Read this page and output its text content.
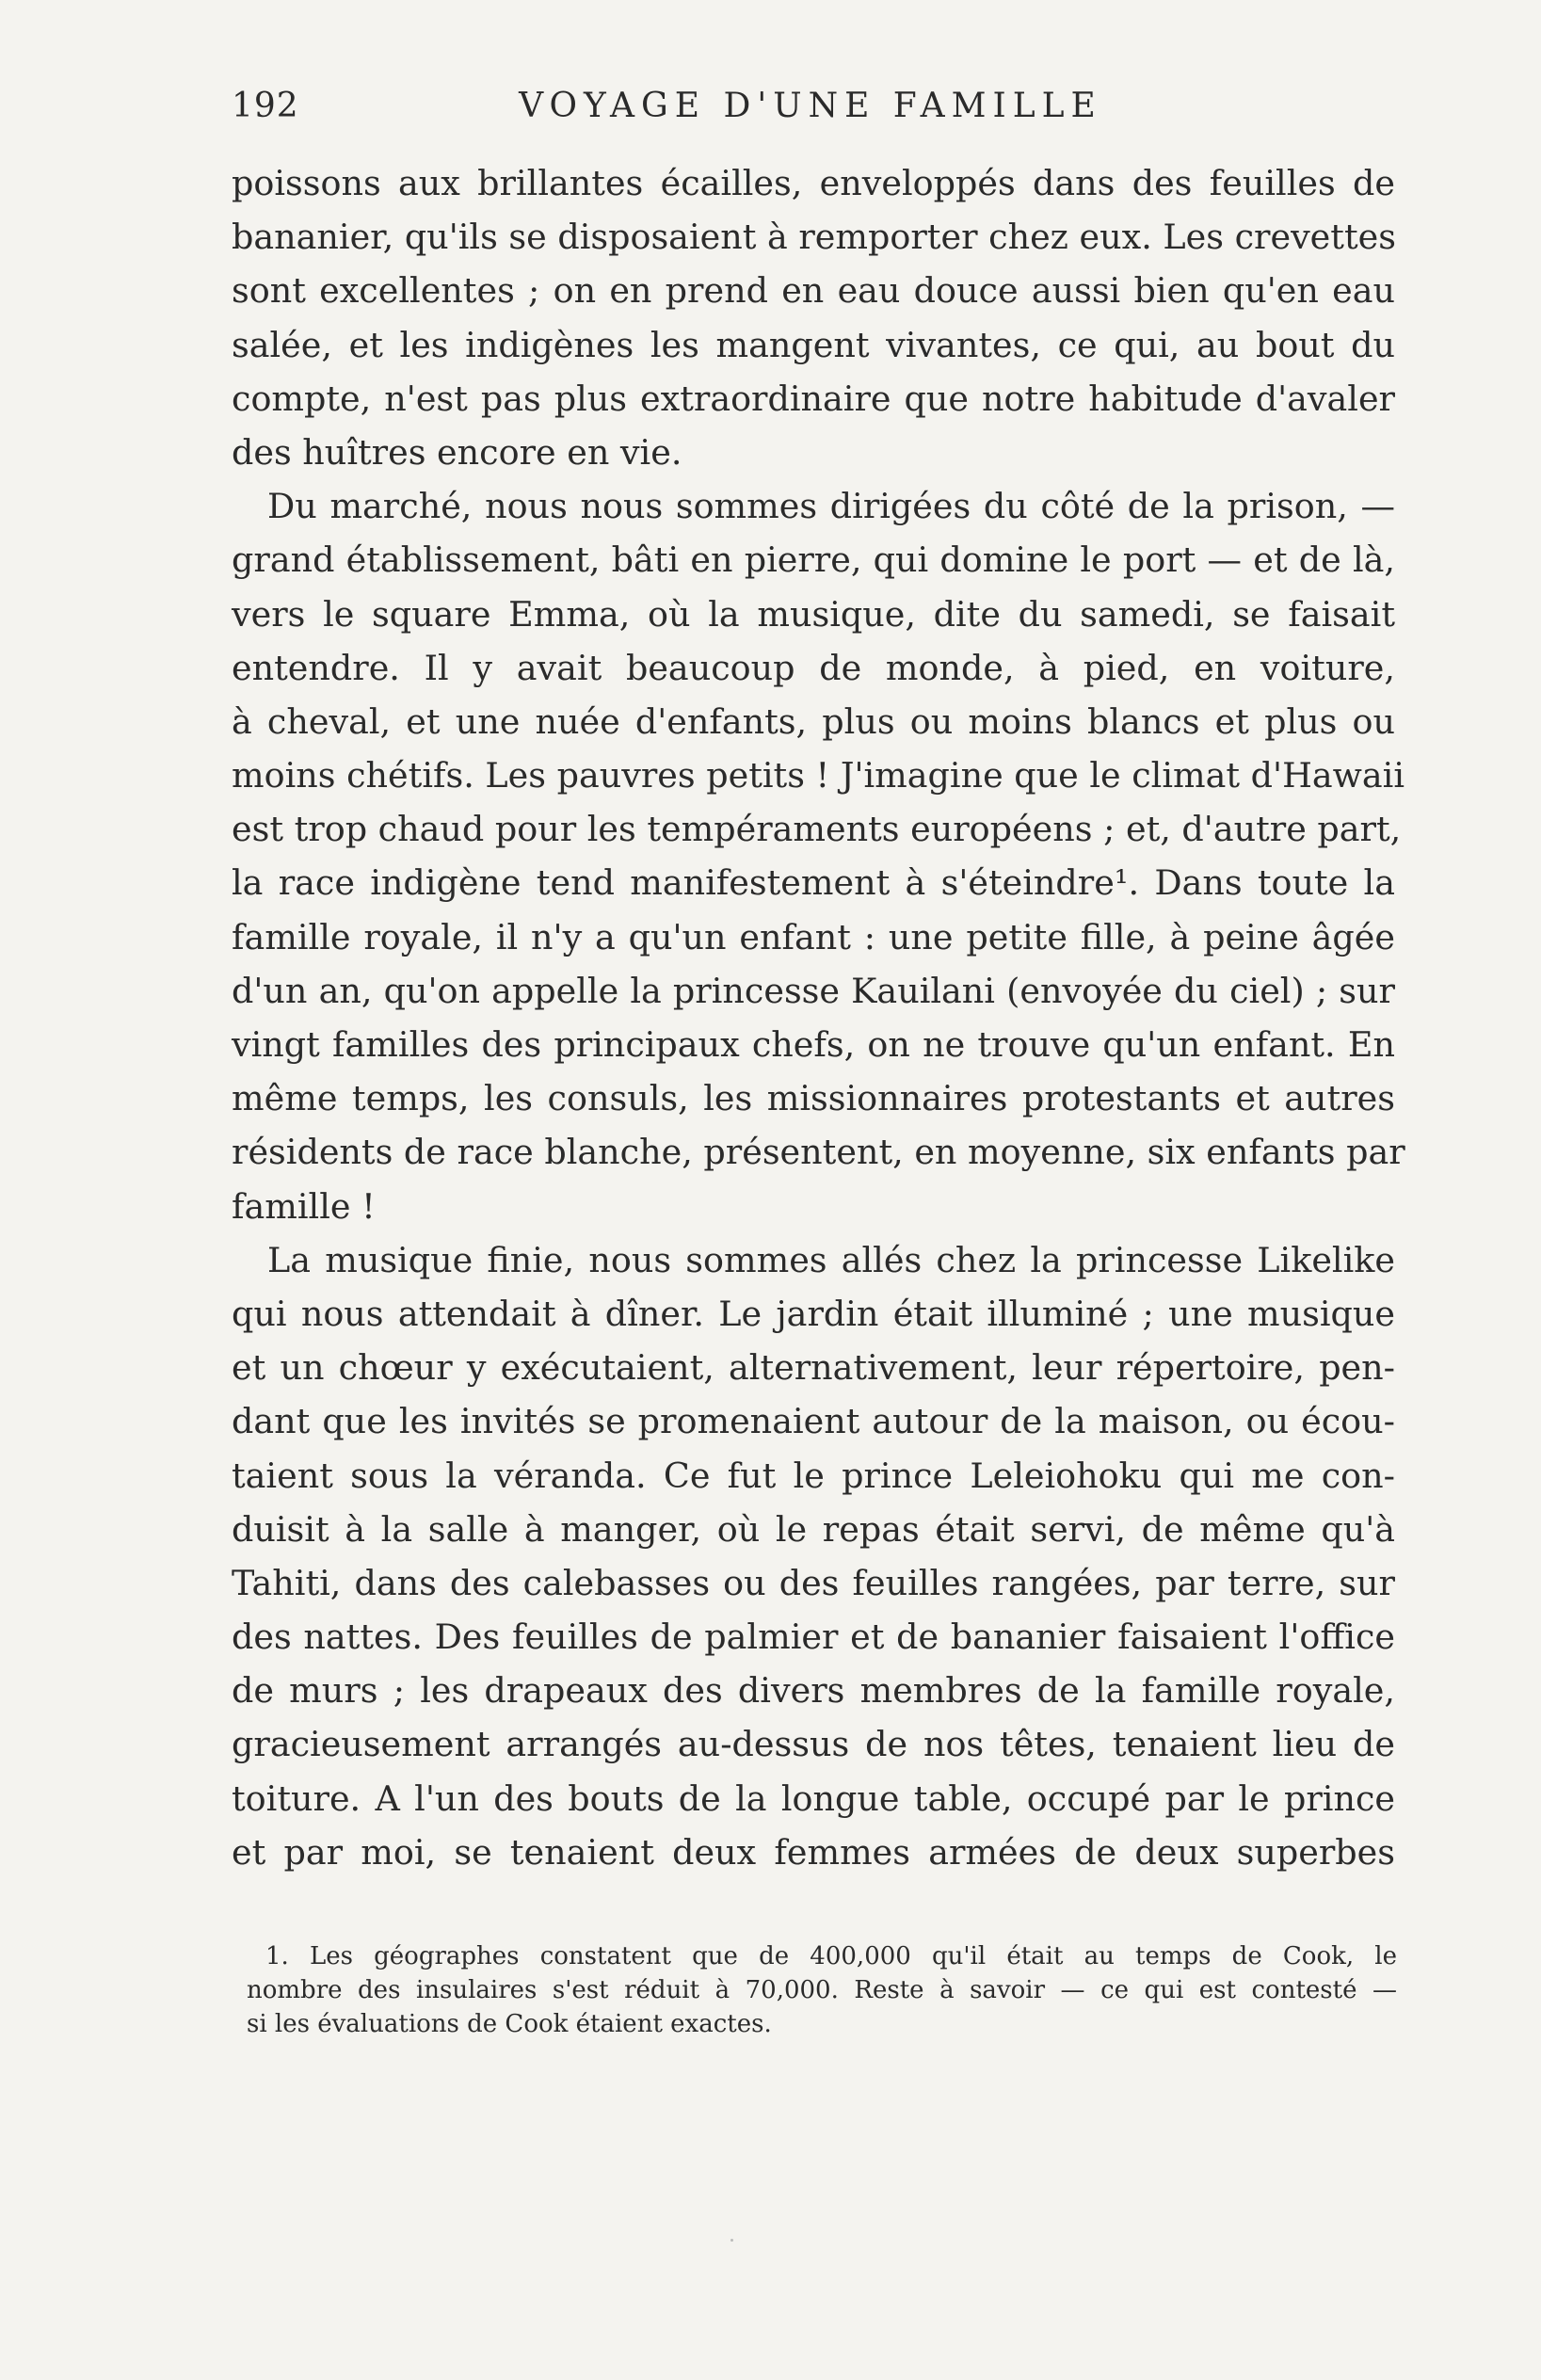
192	VOYAGE D'UNE FAMILLE
poissons aux brillantes écailles, enveloppés dans des feuilles de
bananier, qu'ils se disposaient à remporter chez eux. Les crevettes
sont excellentes ; on en prend en eau douce aussi bien qu'en eau
salée, et les indigènes les mangent vivantes, ce qui, au bout du
compte, n'est pas plus extraordinaire que notre habitude d'avaler
des huîtres encore en vie.
Du marché, nous nous sommes dirigées du côté de la prison, —
grand établissement, bâti en pierre, qui domine le port — et de là,
vers le square Emma, où la musique, dite du samedi, se faisait
entendre. Il y avait beaucoup de monde, à pied, en voiture,
à cheval, et une nuée d'enfants, plus ou moins blancs et plus ou
moins chétifs. Les pauvres petits ! J'imagine que le climat d'Hawaii
est trop chaud pour les tempéraments européens ; et, d'autre part,
la race indigène tend manifestement à s'éteindre¹. Dans toute la
famille royale, il n'y a qu'un enfant : une petite fille, à peine âgée
d'un an, qu'on appelle la princesse Kauilani (envoyée du ciel) ; sur
vingt familles des principaux chefs, on ne trouve qu'un enfant. En
même temps, les consuls, les missionnaires protestants et autres
résidents de race blanche, présentent, en moyenne, six enfants par
famille !
La musique finie, nous sommes allés chez la princesse Likelike
qui nous attendait à dîner. Le jardin était illuminé ; une musique
et un chœur y exécutaient, alternativement, leur répertoire, pen-
dant que les invités se promenaient autour de la maison, ou écou-
taient sous la véranda. Ce fut le prince Leleiohoku qui me con-
duisit à la salle à manger, où le repas était servi, de même qu'à
Tahiti, dans des calebasses ou des feuilles rangées, par terre, sur
des nattes. Des feuilles de palmier et de bananier faisaient l'office
de murs ; les drapeaux des divers membres de la famille royale,
gracieusement arrangés au-dessus de nos têtes, tenaient lieu de
toiture. A l'un des bouts de la longue table, occupé par le prince
et par moi, se tenaient deux femmes armées de deux superbes
1. Les géographes constatent que de 400,000 qu'il était au temps de Cook, le
nombre des insulaires s'est réduit à 70,000. Reste à savoir — ce qui est contesté —
si les évaluations de Cook étaient exactes.
